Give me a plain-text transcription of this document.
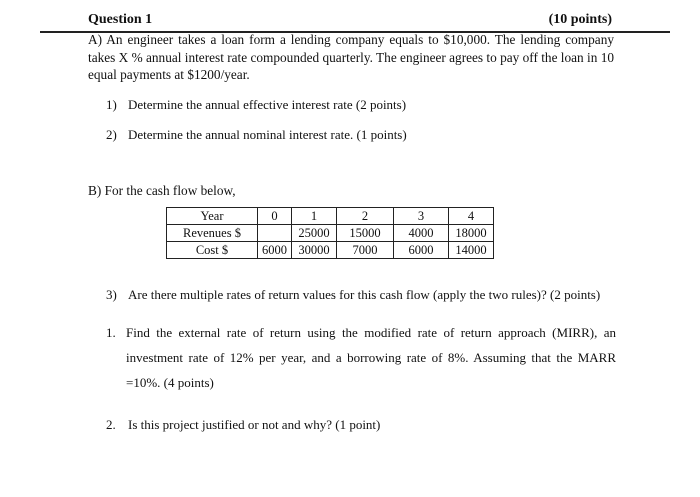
Question 1	(10 points)
A) An engineer takes a loan form a lending company equals to $10,000. The lending company takes X % annual interest rate compounded quarterly. The engineer agrees to pay off the loan in 10 equal payments at $1200/year.
1) Determine the annual effective interest rate (2 points)
2) Determine the annual nominal interest rate. (1 points)
B) For the cash flow below,
Year	0	1	2	3	4
Revenues $		25000	15000	4000	18000
Cost $	6000	30000	7000	6000	14000
3) Are there multiple rates of return values for this cash flow (apply the two rules)? (2 points)
1. Find the external rate of return using the modified rate of return approach (MIRR), an investment rate of 12% per year, and a borrowing rate of 8%. Assuming that the MARR =10%. (4 points)
2. Is this project justified or not and why? (1 point)
